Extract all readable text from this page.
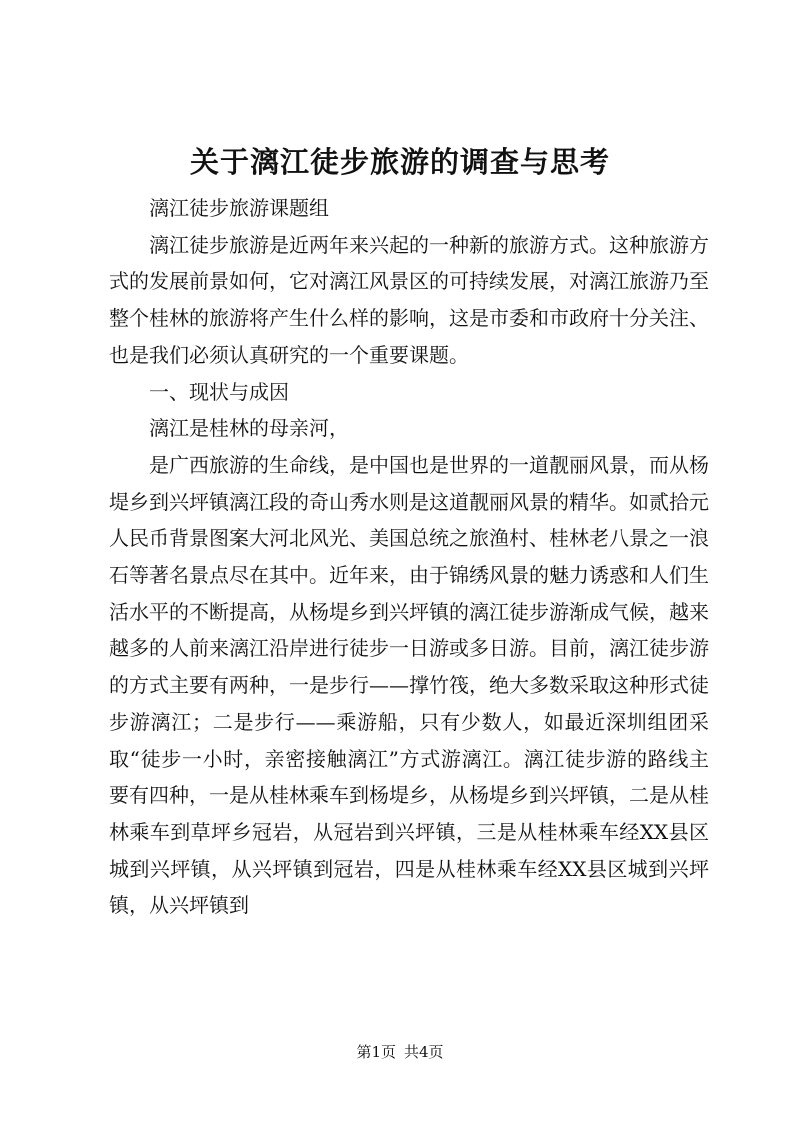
关于漓江徒步旅游的调查与思考

漓江徒步旅游课题组

漓江徒步旅游是近两年来兴起的一种新的旅游方式。这种旅游方式的发展前景如何，它对漓江风景区的可持续发展，对漓江旅游乃至整个桂林的旅游将产生什么样的影响，这是市委和市政府十分关注、也是我们必须认真研究的一个重要课题。

一、现状与成因

漓江是桂林的母亲河，

是广西旅游的生命线，是中国也是世界的一道靓丽风景，而从杨堤乡到兴坪镇漓江段的奇山秀水则是这道靓丽风景的精华。如贰拾元人民币背景图案大河北风光、美国总统之旅渔村、桂林老八景之一浪石等著名景点尽在其中。近年来，由于锦绣风景的魅力诱惑和人们生活水平的不断提高，从杨堤乡到兴坪镇的漓江徒步游渐成气候，越来越多的人前来漓江沿岸进行徒步一日游或多日游。目前，漓江徒步游的方式主要有两种，一是步行——撑竹筏，绝大多数采取这种形式徒步游漓江；二是步行——乘游船，只有少数人，如最近深圳组团采取“徒步一小时，亲密接触漓江”方式游漓江。漓江徒步游的路线主要有四种，一是从桂林乘车到杨堤乡，从杨堤乡到兴坪镇，二是从桂林乘车到草坪乡冠岩，从冠岩到兴坪镇，三是从桂林乘车经XX县区城到兴坪镇，从兴坪镇到冠岩，四是从桂林乘车经XX县区城到兴坪镇，从兴坪镇到

第1页 共4页
